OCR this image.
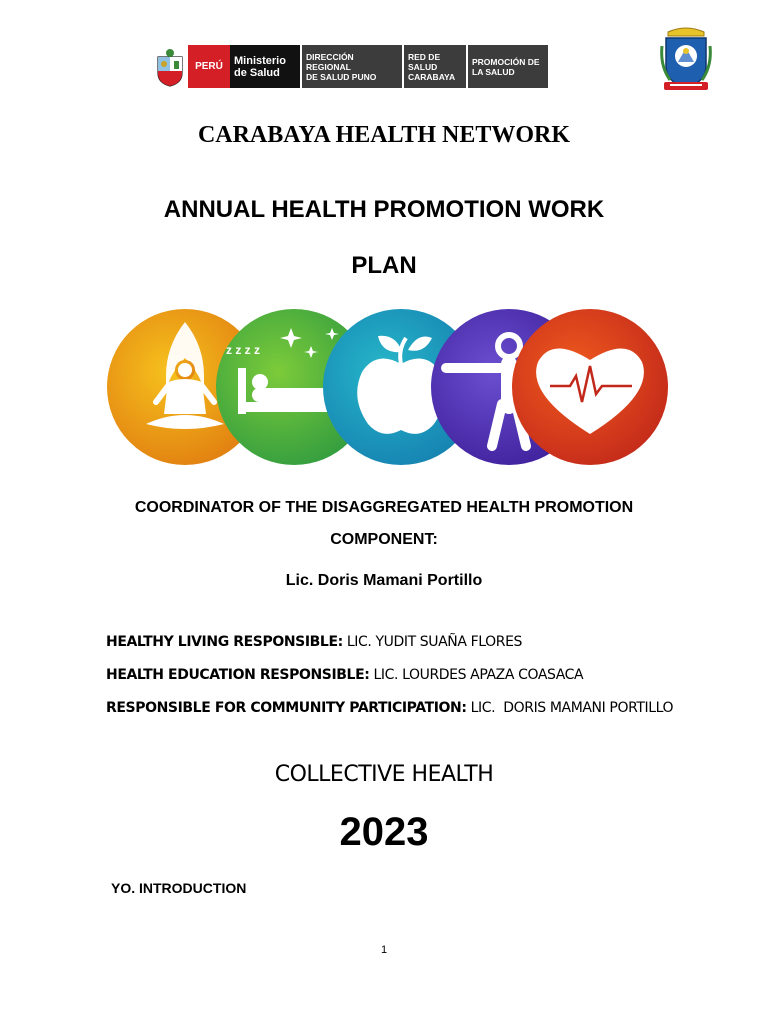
PERÚ	Ministerio
de Salud
DIRECCIÓN REGIONAL
DE SALUD PUNO
RED DE SALUD
CARABAYA
PROMOCIÓN DE
LA SALUD
CARABAYA HEALTH NETWORK
ANNUAL HEALTH PROMOTION WORK
PLAN
z z z z
COORDINATOR OF THE DISAGGREGATED HEALTH PROMOTION
COMPONENT:
Lic. Doris Mamani Portillo
HEALTHY LIVING RESPONSIBLE: LIC. YUDIT SUAÑA FLORES
HEALTH EDUCATION RESPONSIBLE: LIC. LOURDES APAZA COASACA
RESPONSIBLE FOR COMMUNITY PARTICIPATION: LIC.  DORIS MAMANI PORTILLO
COLLECTIVE HEALTH
2023
YO. INTRODUCTION
1
